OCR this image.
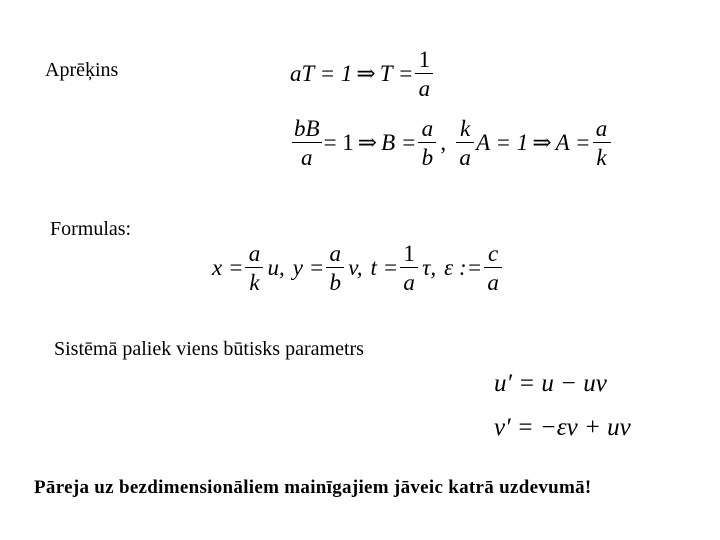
Aprēķins
Formulas:
Sistēmā paliek viens būtisks parametrs
aT = 1 ⇒ $T = \frac{1}{a}$
$\frac{bB}{a} = 1$ ⇒ $B = \frac{a}{b}$ , $\frac{k}{a}$ A = 1 ⇒ $A = \frac{a}{k}$
$x = \frac{a}{k} u$, $y = \frac{a}{b} v$, $t = \frac{1}{a} \tau$, ε := $\frac{c}{a}$
u′ = u − uv
v′ = −εv + uv
Pāreja uz bezdimensionāliem mainīgajiem jāveic katrā uzdevumā!
